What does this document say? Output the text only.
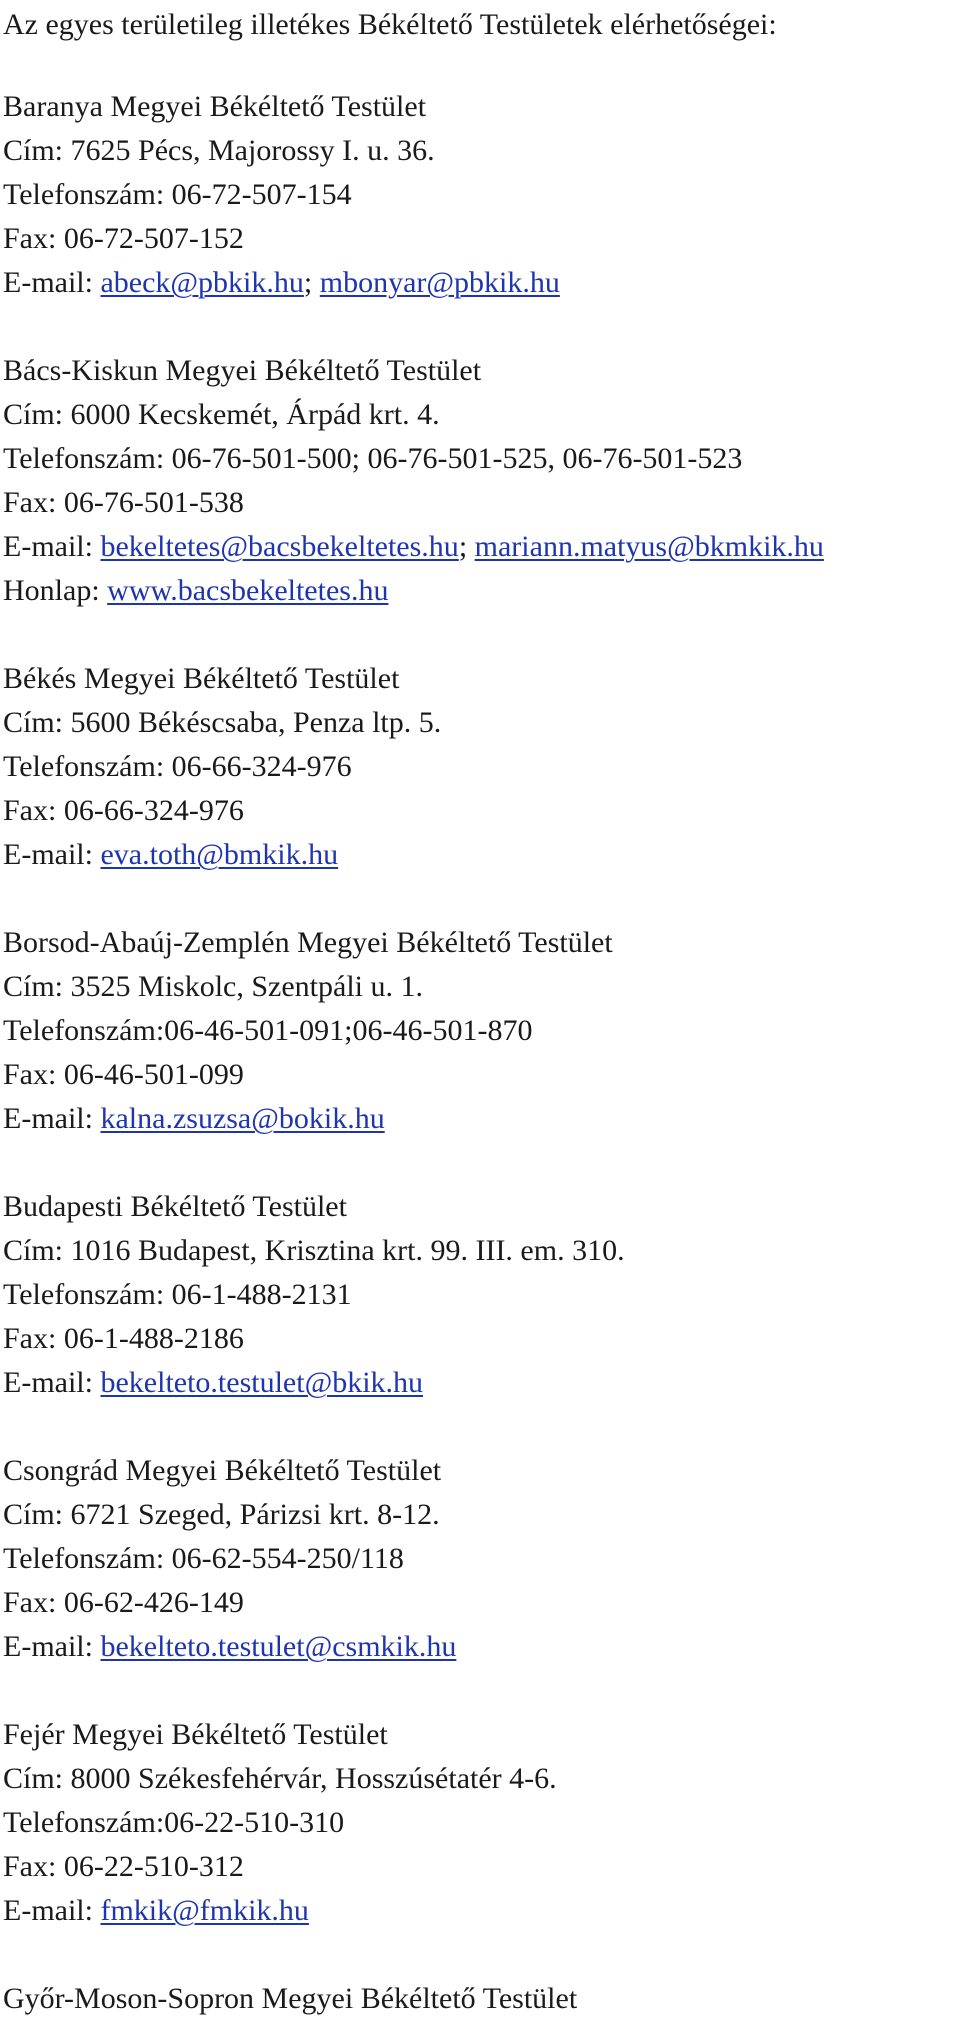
Az egyes területileg illetékes Békéltető Testületek elérhetőségei:
Baranya Megyei Békéltető Testület
Cím: 7625 Pécs, Majorossy I. u. 36.
Telefonszám: 06-72-507-154
Fax: 06-72-507-152
E-mail: abeck@pbkik.hu; mbonyar@pbkik.hu
Bács-Kiskun Megyei Békéltető Testület
Cím: 6000 Kecskemét, Árpád krt. 4.
Telefonszám: 06-76-501-500; 06-76-501-525, 06-76-501-523
Fax: 06-76-501-538
E-mail: bekeltetes@bacsbekeltetes.hu; mariann.matyus@bkmkik.hu
Honlap: www.bacsbekeltetes.hu
Békés Megyei Békéltető Testület
Cím: 5600 Békéscsaba, Penza ltp. 5.
Telefonszám: 06-66-324-976
Fax: 06-66-324-976
E-mail: eva.toth@bmkik.hu
Borsod-Abaúj-Zemplén Megyei Békéltető Testület
Cím: 3525 Miskolc, Szentpáli u. 1.
Telefonszám:06-46-501-091;06-46-501-870
Fax: 06-46-501-099
E-mail: kalna.zsuzsa@bokik.hu
Budapesti Békéltető Testület
Cím: 1016 Budapest, Krisztina krt. 99. III. em. 310.
Telefonszám: 06-1-488-2131
Fax: 06-1-488-2186
E-mail: bekelteto.testulet@bkik.hu
Csongrád Megyei Békéltető Testület
Cím: 6721 Szeged, Párizsi krt. 8-12.
Telefonszám: 06-62-554-250/118
Fax: 06-62-426-149
E-mail: bekelteto.testulet@csmkik.hu
Fejér Megyei Békéltető Testület
Cím: 8000 Székesfehérvár, Hosszúsétatér 4-6.
Telefonszám:06-22-510-310
Fax: 06-22-510-312
E-mail: fmkik@fmkik.hu
Győr-Moson-Sopron Megyei Békéltető Testület
